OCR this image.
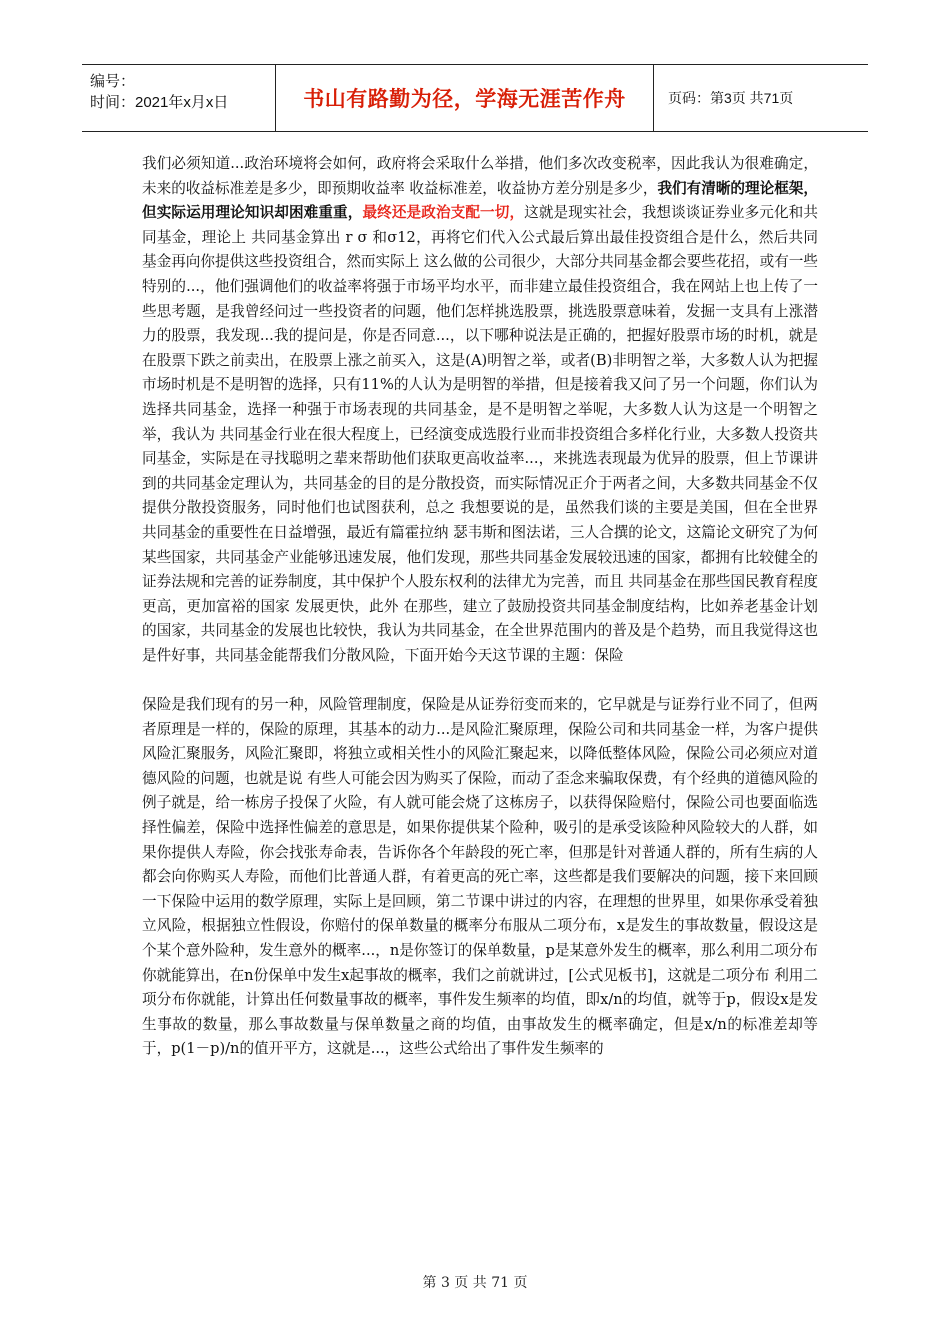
编号：
时间：2021年x月x日	书山有路勤为径，学海无涯苦作舟	页码：第3页 共71页

我们必须知道...政治环境将会如何，政府将会采取什么举措，他们多次改变税率，因此我认为很难确定，未来的收益标准差是多少，即预期收益率 收益标准差，收益协方差分别是多少，我们有清晰的理论框架，但实际运用理论知识却困难重重，最终还是政治支配一切，这就是现实社会，我想谈谈证券业多元化和共同基金，理论上 共同基金算出 r σ 和σ12，再将它们代入公式最后算出最佳投资组合是什么，然后共同基金再向你提供这些投资组合，然而实际上 这么做的公司很少，大部分共同基金都会要些花招，或有一些特别的...，他们强调他们的收益率将强于市场平均水平，而非建立最佳投资组合，我在网站上也上传了一些思考题，是我曾经问过一些投资者的问题，他们怎样挑选股票，挑选股票意味着，发掘一支具有上涨潜力的股票，我发现...我的提问是，你是否同意...，以下哪种说法是正确的，把握好股票市场的时机，就是在股票下跌之前卖出，在股票上涨之前买入，这是(A)明智之举，或者(B)非明智之举，大多数人认为把握市场时机是不是明智的选择，只有11%的人认为是明智的举措，但是接着我又问了另一个问题，你们认为选择共同基金，选择一种强于市场表现的共同基金，是不是明智之举呢，大多数人认为这是一个明智之举，我认为 共同基金行业在很大程度上，已经演变成选股行业而非投资组合多样化行业，大多数人投资共同基金，实际是在寻找聪明之辈来帮助他们获取更高收益率...，来挑选表现最为优异的股票，但上节课讲到的共同基金定理认为，共同基金的目的是分散投资，而实际情况正介于两者之间，大多数共同基金不仅提供分散投资服务，同时他们也试图获利，总之 我想要说的是，虽然我们谈的主要是美国，但在全世界 共同基金的重要性在日益增强，最近有篇霍拉纳 瑟韦斯和图法诺，三人合撰的论文，这篇论文研究了为何某些国家，共同基金产业能够迅速发展，他们发现，那些共同基金发展较迅速的国家，都拥有比较健全的证券法规和完善的证券制度，其中保护个人股东权利的法律尤为完善，而且 共同基金在那些国民教育程度更高，更加富裕的国家 发展更快，此外 在那些，建立了鼓励投资共同基金制度结构，比如养老基金计划的国家，共同基金的发展也比较快，我认为共同基金，在全世界范围内的普及是个趋势，而且我觉得这也是件好事，共同基金能帮我们分散风险，下面开始今天这节课的主题：保险

保险是我们现有的另一种，风险管理制度，保险是从证券衍变而来的，它早就是与证券行业不同了，但两者原理是一样的，保险的原理，其基本的动力...是风险汇聚原理，保险公司和共同基金一样，为客户提供风险汇聚服务，风险汇聚即，将独立或相关性小的风险汇聚起来，以降低整体风险，保险公司必须应对道德风险的问题，也就是说 有些人可能会因为购买了保险，而动了歪念来骗取保费，有个经典的道德风险的例子就是，给一栋房子投保了火险，有人就可能会烧了这栋房子，以获得保险赔付，保险公司也要面临选择性偏差，保险中选择性偏差的意思是，如果你提供某个险种，吸引的是承受该险种风险较大的人群，如果你提供人寿险，你会找张寿命表，告诉你各个年龄段的死亡率，但那是针对普通人群的，所有生病的人都会向你购买人寿险，而他们比普通人群，有着更高的死亡率，这些都是我们要解决的问题，接下来回顾一下保险中运用的数学原理，实际上是回顾，第二节课中讲过的内容，在理想的世界里，如果你承受着独立风险，根据独立性假设，你赔付的保单数量的概率分布服从二项分布，x是发生的事故数量，假设这是个某个意外险种，发生意外的概率...，n是你签订的保单数量，p是某意外发生的概率，那么利用二项分布你就能算出，在n份保单中发生x起事故的概率，我们之前就讲过，[公式见板书]，这就是二项分布 利用二项分布你就能，计算出任何数量事故的概率，事件发生频率的均值，即x/n的均值，就等于p，假设x是发生事故的数量，那么事故数量与保单数量之商的均值，由事故发生的概率确定，但是x/n的标准差却等于，p(1－p)/n的值开平方，这就是...，这些公式给出了事件发生频率的

第 3 页 共 71 页
